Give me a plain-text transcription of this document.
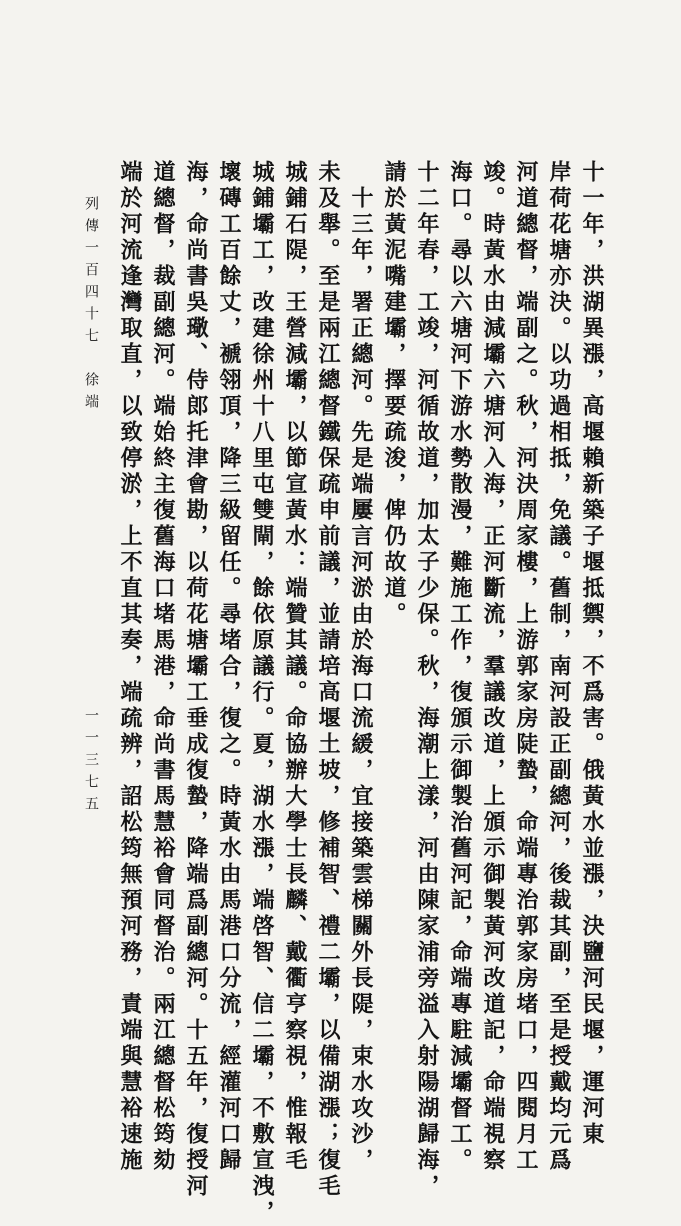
十一年，洪湖異漲，高堰賴新築子堰抵禦，不爲害。俄黃水並漲，決鹽河民堰，運河東
岸荷花塘亦決。以功過相抵，免議。舊制，南河設正副總河，後裁其副，至是授戴均元爲
河道總督，端副之。秋，河決周家樓，上游郭家房陡蟄，命端專治郭家房堵口，四閱月工
竣。時黃水由減壩六塘河入海，正河斷流，羣議改道，上頒示御製黃河改道記，命端視察
海口。尋以六塘河下游水勢散漫，難施工作，復頒示御製治舊河記，命端專駐減壩督工。
十二年春，工竣，河循故道，加太子少保。秋，海潮上漾，河由陳家浦旁溢入射陽湖歸海，
請於黃泥嘴建壩，擇要疏浚，俾仍故道。
　十三年，署正總河。先是端屢言河淤由於海口流緩，宜接築雲梯關外長隄，束水攻沙，
未及舉。至是兩江總督鐵保疏申前議，並請培高堰土坡，修補智、禮二壩，以備湖漲；復毛
城鋪石隄，王營減壩，以節宣黃水：端贊其議。命協辦大學士長麟、戴衢亨察視，惟報毛
城鋪壩工，改建徐州十八里屯雙閘，餘依原議行。夏，湖水漲，端啓智、信二壩，不敷宣洩，
壞磚工百餘丈，褫翎頂，降三級留任。尋堵合，復之。時黃水由馬港口分流，經灌河口歸
海，命尚書吳璥、侍郎托津會勘，以荷花塘壩工垂成復蟄，降端爲副總河。十五年，復授河
道總督，裁副總河。端始終主復舊海口堵馬港，命尚書馬慧裕會同督治。兩江總督松筠劾
端於河流逢灣取直，以致停淤，上不直其奏，端疏辨，詔松筠無預河務，責端與慧裕速施
列傳一百四十七　徐端
一一三七五
